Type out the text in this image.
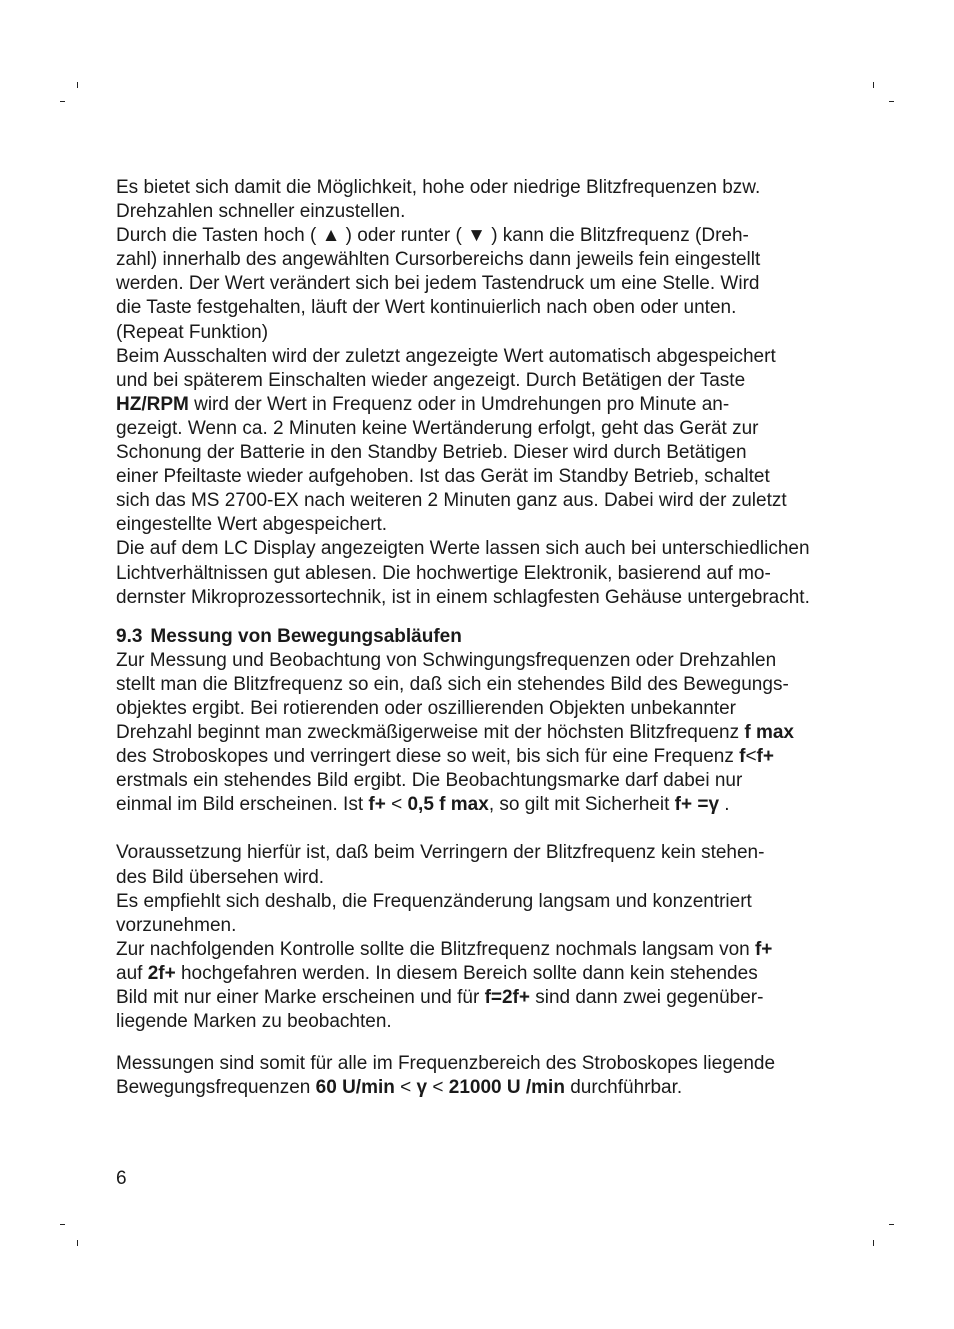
Es bietet sich damit die Möglichkeit, hohe oder niedrige Blitzfrequenzen bzw.
Drehzahlen schneller einzustellen.
Durch die Tasten hoch ( ▲ ) oder runter ( ▼ ) kann die Blitzfrequenz (Dreh-
zahl) innerhalb des angewählten Cursorbereichs dann jeweils fein eingestellt
werden. Der Wert verändert sich bei jedem Tastendruck um eine Stelle. Wird
die Taste festgehalten, läuft der Wert kontinuierlich nach oben oder unten.
(Repeat Funktion)
Beim Ausschalten wird der zuletzt angezeigte Wert automatisch abgespeichert
und bei späterem Einschalten wieder angezeigt. Durch Betätigen der Taste
HZ/RPM wird der Wert in Frequenz oder in Umdrehungen pro Minute an-
gezeigt. Wenn ca. 2 Minuten keine Wertänderung erfolgt, geht das Gerät zur
Schonung der Batterie in den Standby Betrieb. Dieser wird durch Betätigen
einer Pfeiltaste wieder aufgehoben. Ist das Gerät im Standby Betrieb, schaltet
sich das MS 2700-EX nach weiteren 2 Minuten ganz aus. Dabei wird der zuletzt
eingestellte Wert abgespeichert.
Die auf dem LC Display angezeigten Werte lassen sich auch bei unterschiedlichen
Lichtverhältnissen gut ablesen. Die hochwertige Elektronik, basierend auf mo-
dernster Mikroprozessortechnik, ist in einem schlagfesten Gehäuse untergebracht.
9.3 Messung von Bewegungsabläufen
Zur Messung und Beobachtung von Schwingungsfrequenzen oder Drehzahlen
stellt man die Blitzfrequenz so ein, daß sich ein stehendes Bild des Bewegungs-
objektes ergibt. Bei rotierenden oder oszillierenden Objekten unbekannter
Drehzahl beginnt man zweckmäßigerweise mit der höchsten Blitzfrequenz f max
des Stroboskopes und verringert diese so weit, bis sich für eine Frequenz f<f+
erstmals ein stehendes Bild ergibt. Die Beobachtungsmarke darf dabei nur
einmal im Bild erscheinen. Ist f+ < 0,5 f max, so gilt mit Sicherheit f+ =γ .
Voraussetzung hierfür ist, daß beim Verringern der Blitzfrequenz kein stehen-
des Bild übersehen wird.
Es empfiehlt sich deshalb, die Frequenzänderung langsam und konzentriert
vorzunehmen.
Zur nachfolgenden Kontrolle sollte die Blitzfrequenz nochmals langsam von f+
auf 2f+ hochgefahren werden. In diesem Bereich sollte dann kein stehendes
Bild mit nur einer Marke erscheinen und für f=2f+ sind dann zwei gegenüber-
liegende Marken zu beobachten.
Messungen sind somit für alle im Frequenzbereich des Stroboskopes liegende
Bewegungsfrequenzen 60 U/min < γ < 21000 U /min durchführbar.
6
